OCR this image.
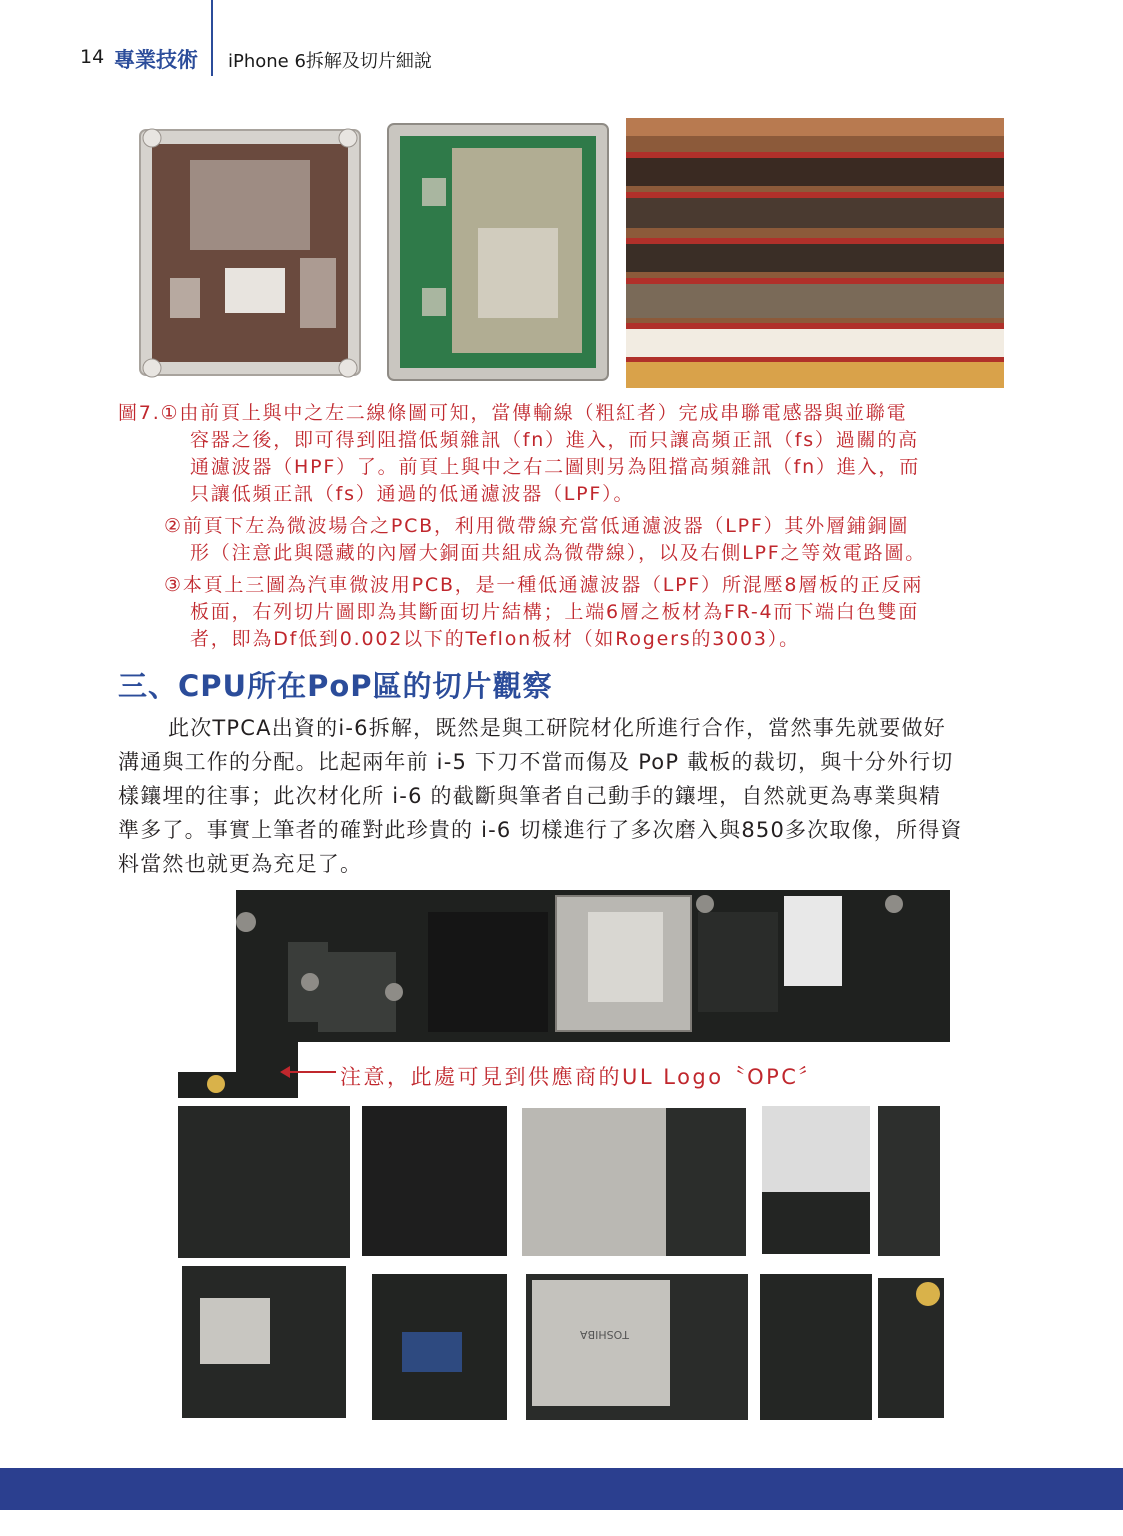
14 專業技術 iPhone 6拆解及切片細說
圖7.①由前頁上與中之左二線條圖可知，當傳輸線（粗紅者）完成串聯電感器與並聯電
容器之後，即可得到阻擋低頻雜訊（fn）進入，而只讓高頻正訊（fs）過關的高
通濾波器（HPF）了。前頁上與中之右二圖則另為阻擋高頻雜訊（fn）進入，而
只讓低頻正訊（fs）通過的低通濾波器（LPF）。
②前頁下左為微波場合之PCB，利用微帶線充當低通濾波器（LPF）其外層鋪銅圖
形（注意此與隱藏的內層大銅面共組成為微帶線），以及右側LPF之等效電路圖。
③本頁上三圖為汽車微波用PCB，是一種低通濾波器（LPF）所混壓8層板的正反兩
板面，右列切片圖即為其斷面切片結構；上端6層之板材為FR-4而下端白色雙面
者，即為Df低到0.002以下的Teflon板材（如Rogers的3003）。
三、CPU所在PoP區的切片觀察
此次TPCA出資的i-6拆解，既然是與工研院材化所進行合作，當然事先就要做好
溝通與工作的分配。比起兩年前 i-5 下刀不當而傷及 PoP 載板的裁切，與十分外行切
樣鑲埋的往事；此次材化所 i-6 的截斷與筆者自己動手的鑲埋，自然就更為專業與精
準多了。事實上筆者的確對此珍貴的 i-6 切樣進行了多次磨入與850多次取像，所得資
料當然也就更為充足了。
注意，此處可見到供應商的UL Logo〝OPC〞
TOSHIBA
